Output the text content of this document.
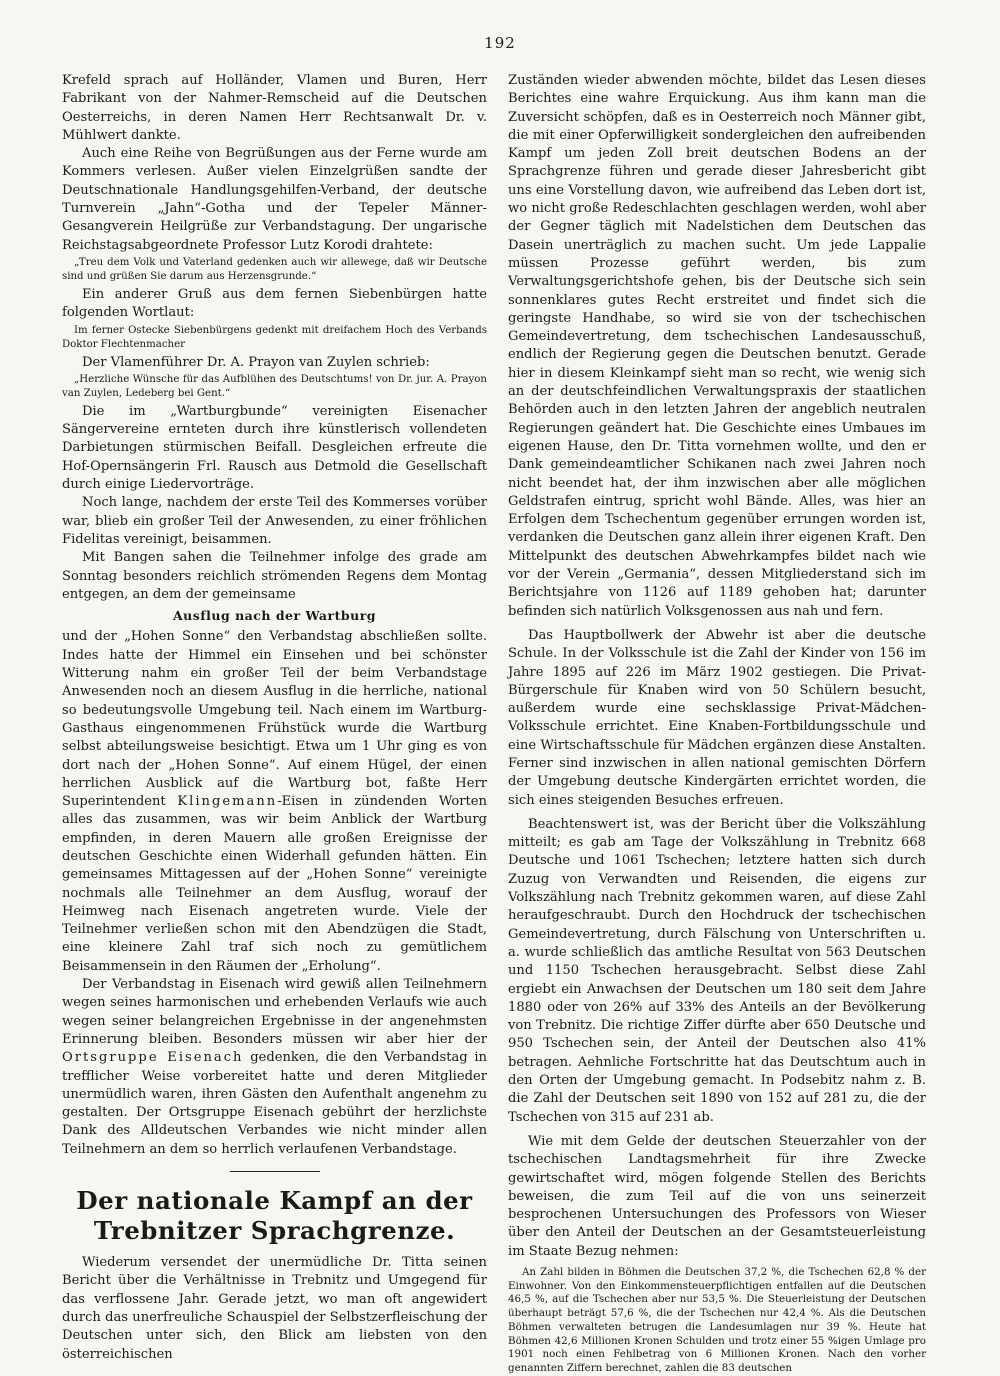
192

Krefeld sprach auf Holländer, Vlamen und Buren, Herr Fabrikant von der Nahmer-Remscheid auf die Deutschen Oesterreichs, in deren Namen Herr Rechtsanwalt Dr. v. Mühlwert dankte.

Auch eine Reihe von Begrüßungen aus der Ferne wurde am Kommers verlesen. Außer vielen Einzelgrüßen sandte der Deutschnationale Handlungsgehilfen-Verband, der deutsche Turnverein „Jahn“-Gotha und der Tepeler Männer-Gesangverein Heilgrüße zur Verbandstagung. Der ungarische Reichstagsabgeordnete Professor Lutz Korodi drahtete:

„Treu dem Volk und Vaterland gedenken auch wir allewege, daß wir Deutsche sind und grüßen Sie darum aus Herzensgrunde.“

Ein anderer Gruß aus dem fernen Siebenbürgen hatte folgenden Wortlaut:

Im ferner Ostecke Siebenbürgens gedenkt mit dreifachem Hoch des Verbands Doktor Flechtenmacher

Der Vlamenführer Dr. A. Prayon van Zuylen schrieb:

„Herzliche Wünsche für das Aufblühen des Deutschtums! von Dr. jur. A. Prayon van Zuylen, Ledeberg bei Gent.“

Die im „Wartburgbunde“ vereinigten Eisenacher Sängervereine ernteten durch ihre künstlerisch vollendeten Darbietungen stürmischen Beifall. Desgleichen erfreute die Hof-Opernsängerin Frl. Rausch aus Detmold die Gesellschaft durch einige Liedervorträge.

Noch lange, nachdem der erste Teil des Kommerses vorüber war, blieb ein großer Teil der Anwesenden, zu einer fröhlichen Fidelitas vereinigt, beisammen.

Mit Bangen sahen die Teilnehmer infolge des grade am Sonntag besonders reichlich strömenden Regens dem Montag entgegen, an dem der gemeinsame

Ausflug nach der Wartburg

und der „Hohen Sonne“ den Verbandstag abschließen sollte. Indes hatte der Himmel ein Einsehen und bei schönster Witterung nahm ein großer Teil der beim Verbandstage Anwesenden noch an diesem Ausflug in die herrliche, national so bedeutungsvolle Umgebung teil. Nach einem im Wartburg-Gasthaus eingenommenen Frühstück wurde die Wartburg selbst abteilungsweise besichtigt. Etwa um 1 Uhr ging es von dort nach der „Hohen Sonne“. Auf einem Hügel, der einen herrlichen Ausblick auf die Wartburg bot, faßte Herr Superintendent Klingemann-Eisen in zündenden Worten alles das zusammen, was wir beim Anblick der Wartburg empfinden, in deren Mauern alle großen Ereignisse der deutschen Geschichte einen Widerhall gefunden hätten. Ein gemeinsames Mittagessen auf der „Hohen Sonne“ vereinigte nochmals alle Teilnehmer an dem Ausflug, worauf der Heimweg nach Eisenach angetreten wurde. Viele der Teilnehmer verließen schon mit den Abendzügen die Stadt, eine kleinere Zahl traf sich noch zu gemütlichem Beisammensein in den Räumen der „Erholung“.

Der Verbandstag in Eisenach wird gewiß allen Teilnehmern wegen seines harmonischen und erhebenden Verlaufs wie auch wegen seiner belangreichen Ergebnisse in der angenehmsten Erinnerung bleiben. Besonders müssen wir aber hier der Ortsgruppe Eisenach gedenken, die den Verbandstag in trefflicher Weise vorbereitet hatte und deren Mitglieder unermüdlich waren, ihren Gästen den Aufenthalt angenehm zu gestalten. Der Ortsgruppe Eisenach gebührt der herzlichste Dank des Alldeutschen Verbandes wie nicht minder allen Teilnehmern an dem so herrlich verlaufenen Verbandstage.

Der nationale Kampf an der Trebnitzer Sprachgrenze.

Wiederum versendet der unermüdliche Dr. Titta seinen Bericht über die Verhältnisse in Trebnitz und Umgegend für das verflossene Jahr. Gerade jetzt, wo man oft angewidert durch das unerfreuliche Schauspiel der Selbstzerfleischung der Deutschen unter sich, den Blick am liebsten von den österreichischen

Zuständen wieder abwenden möchte, bildet das Lesen dieses Berichtes eine wahre Erquickung. Aus ihm kann man die Zuversicht schöpfen, daß es in Oesterreich noch Männer gibt, die mit einer Opferwilligkeit sondergleichen den aufreibenden Kampf um jeden Zoll breit deutschen Bodens an der Sprachgrenze führen und gerade dieser Jahresbericht gibt uns eine Vorstellung davon, wie aufreibend das Leben dort ist, wo nicht große Redeschlachten geschlagen werden, wohl aber der Gegner täglich mit Nadelstichen dem Deutschen das Dasein unerträglich zu machen sucht. Um jede Lappalie müssen Prozesse geführt werden, bis zum Verwaltungsgerichtshofe gehen, bis der Deutsche sich sein sonnenklares gutes Recht erstreitet und findet sich die geringste Handhabe, so wird sie von der tschechischen Gemeindevertretung, dem tschechischen Landesausschuß, endlich der Regierung gegen die Deutschen benutzt. Gerade hier in diesem Kleinkampf sieht man so recht, wie wenig sich an der deutschfeindlichen Verwaltungspraxis der staatlichen Behörden auch in den letzten Jahren der angeblich neutralen Regierungen geändert hat. Die Geschichte eines Umbaues im eigenen Hause, den Dr. Titta vornehmen wollte, und den er Dank gemeindeamtlicher Schikanen nach zwei Jahren noch nicht beendet hat, der ihm inzwischen aber alle möglichen Geldstrafen eintrug, spricht wohl Bände. Alles, was hier an Erfolgen dem Tschechentum gegenüber errungen worden ist, verdanken die Deutschen ganz allein ihrer eigenen Kraft. Den Mittelpunkt des deutschen Abwehrkampfes bildet nach wie vor der Verein „Germania“, dessen Mitgliederstand sich im Berichtsjahre von 1126 auf 1189 gehoben hat; darunter befinden sich natürlich Volksgenossen aus nah und fern.

Das Hauptbollwerk der Abwehr ist aber die deutsche Schule. In der Volksschule ist die Zahl der Kinder von 156 im Jahre 1895 auf 226 im März 1902 gestiegen. Die Privat-Bürgerschule für Knaben wird von 50 Schülern besucht, außerdem wurde eine sechsklassige Privat-Mädchen-Volksschule errichtet. Eine Knaben-Fortbildungsschule und eine Wirtschaftsschule für Mädchen ergänzen diese Anstalten. Ferner sind inzwischen in allen national gemischten Dörfern der Umgebung deutsche Kindergärten errichtet worden, die sich eines steigenden Besuches erfreuen.

Beachtenswert ist, was der Bericht über die Volkszählung mitteilt; es gab am Tage der Volkszählung in Trebnitz 668 Deutsche und 1061 Tschechen; letztere hatten sich durch Zuzug von Verwandten und Reisenden, die eigens zur Volkszählung nach Trebnitz gekommen waren, auf diese Zahl heraufgeschraubt. Durch den Hochdruck der tschechischen Gemeindevertretung, durch Fälschung von Unterschriften u. a. wurde schließlich das amtliche Resultat von 563 Deutschen und 1150 Tschechen herausgebracht. Selbst diese Zahl ergiebt ein Anwachsen der Deutschen um 180 seit dem Jahre 1880 oder von 26% auf 33% des Anteils an der Bevölkerung von Trebnitz. Die richtige Ziffer dürfte aber 650 Deutsche und 950 Tschechen sein, der Anteil der Deutschen also 41% betragen. Aehnliche Fortschritte hat das Deutschtum auch in den Orten der Umgebung gemacht. In Podsebitz nahm z. B. die Zahl der Deutschen seit 1890 von 152 auf 281 zu, die der Tschechen von 315 auf 231 ab.

Wie mit dem Gelde der deutschen Steuerzahler von der tschechischen Landtagsmehrheit für ihre Zwecke gewirtschaftet wird, mögen folgende Stellen des Berichts beweisen, die zum Teil auf die von uns seinerzeit besprochenen Untersuchungen des Professors von Wieser über den Anteil der Deutschen an der Gesamtsteuerleistung im Staate Bezug nehmen:

An Zahl bilden in Böhmen die Deutschen 37,2 %, die Tschechen 62,8 % der Einwohner. Von den Einkommensteuerpflichtigen entfallen auf die Deutschen 46,5 %, auf die Tschechen aber nur 53,5 %. Die Steuerleistung der Deutschen überhaupt beträgt 57,6 %, die der Tschechen nur 42,4 %. Als die Deutschen Böhmen verwalteten betrugen die Landesumlagen nur 39 %. Heute hat Böhmen 42,6 Millionen Kronen Schulden und trotz einer 55 %igen Umlage pro 1901 noch einen Fehlbetrag von 6 Millionen Kronen. Nach den vorher genannten Ziffern berechnet, zahlen die 83 deutschen
